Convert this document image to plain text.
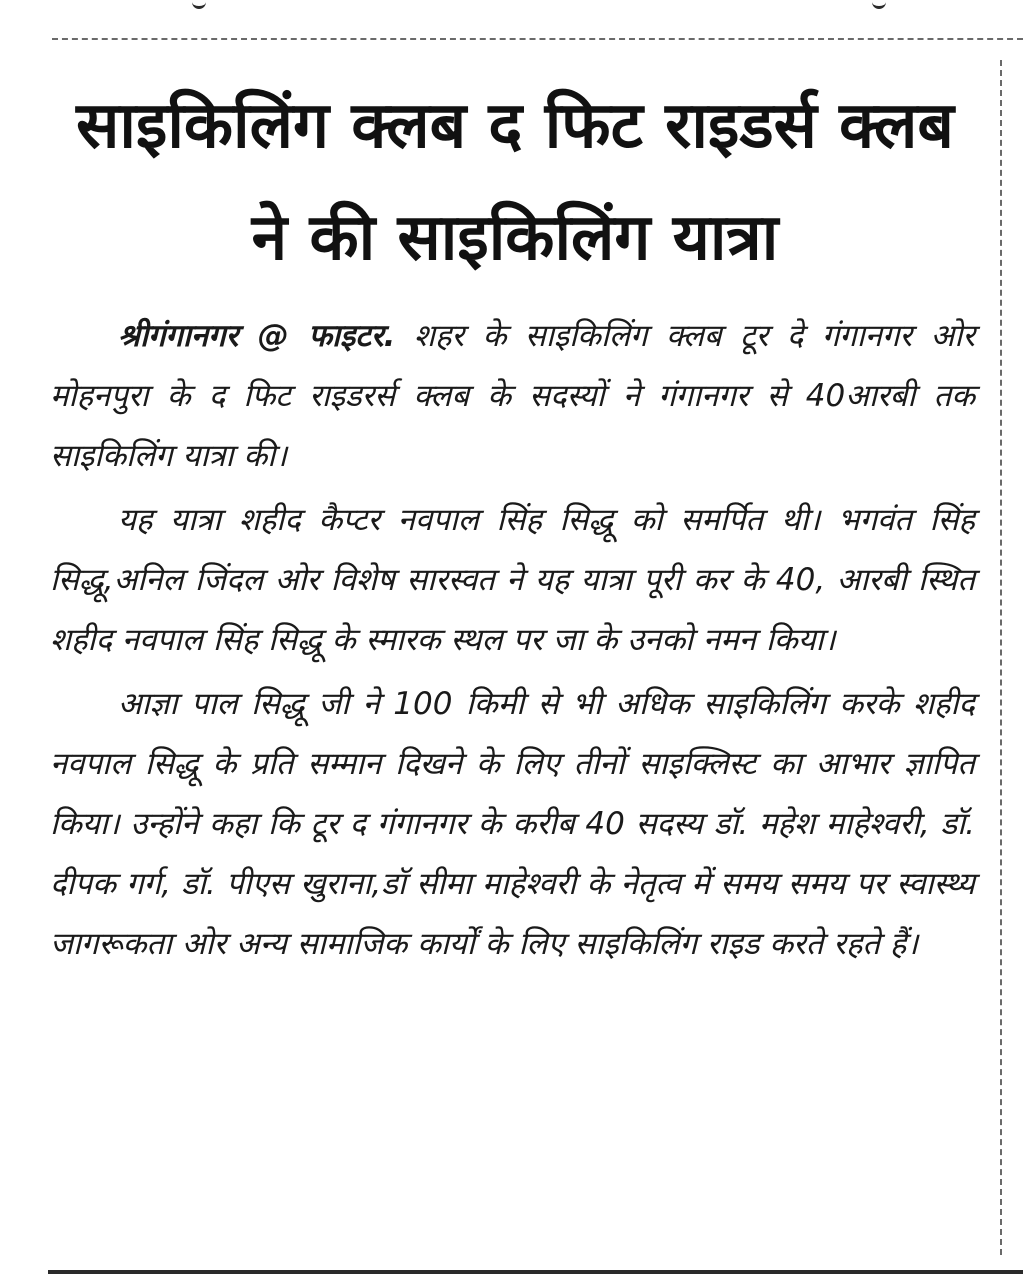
साइकिलिंग क्लब द फिट राइडर्स क्लब ने की साइकिलिंग यात्रा

श्रीगंगानगर @ फाइटर. शहर के साइकिलिंग क्लब टूर दे गंगानगर ओर मोहनपुरा के द फिट राइडरर्स क्लब के सदस्यों ने गंगानगर से 40आरबी तक साइकिलिंग यात्रा की।

यह यात्रा शहीद कैप्टर नवपाल सिंह सिद्धू को समर्पित थी। भगवंत सिंह सिद्धू,अनिल जिंदल ओर विशेष सारस्वत ने यह यात्रा पूरी कर के 40, आरबी स्थित शहीद नवपाल सिंह सिद्धू के स्मारक स्थल पर जा के उनको नमन किया।

आज्ञा पाल सिद्धू जी ने 100 किमी से भी अधिक साइकिलिंग करके शहीद नवपाल सिद्धू के प्रति सम्मान दिखने के लिए तीनों साइक्लिस्ट का आभार ज्ञापित किया। उन्होंने कहा कि टूर द गंगानगर के करीब 40 सदस्य डॉ. महेश माहेश्वरी, डॉ. दीपक गर्ग, डॉ. पीएस खुराना,डॉ सीमा माहेश्वरी के नेतृत्व में समय समय पर स्वास्थ्य जागरूकता ओर अन्य सामाजिक कार्यों के लिए साइकिलिंग राइड करते रहते हैं।
